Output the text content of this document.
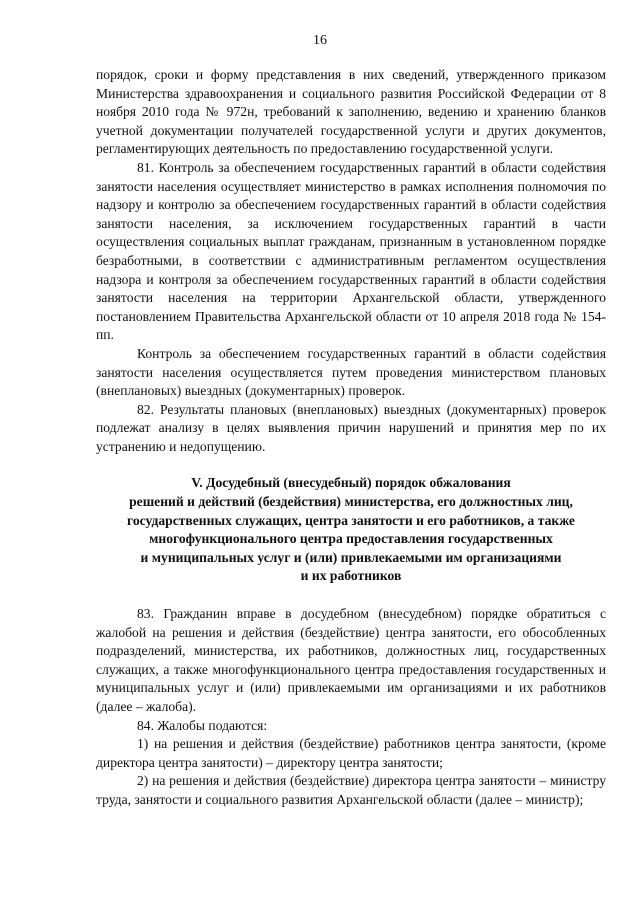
16

порядок, сроки и форму представления в них сведений, утвержденного приказом Министерства здравоохранения и социального развития Российской Федерации от 8 ноября 2010 года № 972н, требований к заполнению, ведению и хранению бланков учетной документации получателей государственной услуги и других документов, регламентирующих деятельность по предоставлению государственной услуги.

81. Контроль за обеспечением государственных гарантий в области содействия занятости населения осуществляет министерство в рамках исполнения полномочия по надзору и контролю за обеспечением государственных гарантий в области содействия занятости населения, за исключением государственных гарантий в части осуществления социальных выплат гражданам, признанным в установленном порядке безработными, в соответствии с административным регламентом осуществления надзора и контроля за обеспечением государственных гарантий в области содействия занятости населения на территории Архангельской области, утвержденного постановлением Правительства Архангельской области от 10 апреля 2018 года № 154-пп.

Контроль за обеспечением государственных гарантий в области содействия занятости населения осуществляется путем проведения министерством плановых (внеплановых) выездных (документарных) проверок.

82. Результаты плановых (внеплановых) выездных (документарных) проверок подлежат анализу в целях выявления причин нарушений и принятия мер по их устранению и недопущению.

V. Досудебный (внесудебный) порядок обжалования
решений и действий (бездействия) министерства, его должностных лиц,
государственных служащих, центра занятости и его работников, а также
многофункционального центра предоставления государственных
и муниципальных услуг и (или) привлекаемыми им организациями
и их работников

83. Гражданин вправе в досудебном (внесудебном) порядке обратиться с жалобой на решения и действия (бездействие) центра занятости, его обособленных подразделений, министерства, их работников, должностных лиц, государственных служащих, а также многофункционального центра предоставления государственных и муниципальных услуг и (или) привлекаемыми им организациями и их работников (далее – жалоба).

84. Жалобы подаются:

1) на решения и действия (бездействие) работников центра занятости, (кроме директора центра занятости) – директору центра занятости;

2) на решения и действия (бездействие) директора центра занятости – министру труда, занятости и социального развития Архангельской области (далее – министр);
